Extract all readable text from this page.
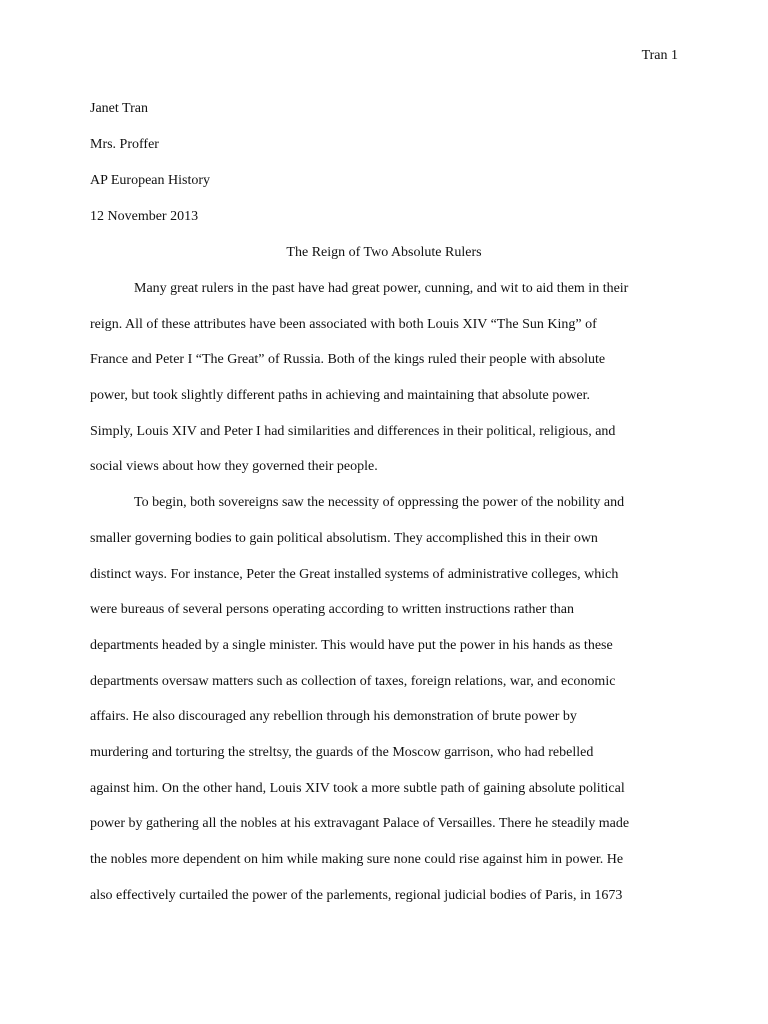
Tran 1

Janet Tran

Mrs. Proffer

AP European History

12 November 2013

The Reign of Two Absolute Rulers

Many great rulers in the past have had great power, cunning, and wit to aid them in their
reign. All of these attributes have been associated with both Louis XIV “The Sun King” of
France and Peter I “The Great” of Russia. Both of the kings ruled their people with absolute
power, but took slightly different paths in achieving and maintaining that absolute power.
Simply, Louis XIV and Peter I had similarities and differences in their political, religious, and
social views about how they governed their people.
To begin, both sovereigns saw the necessity of oppressing the power of the nobility and
smaller governing bodies to gain political absolutism. They accomplished this in their own
distinct ways. For instance, Peter the Great installed systems of administrative colleges, which
were bureaus of several persons operating according to written instructions rather than
departments headed by a single minister. This would have put the power in his hands as these
departments oversaw matters such as collection of taxes, foreign relations, war, and economic
affairs. He also discouraged any rebellion through his demonstration of brute power by
murdering and torturing the streltsy, the guards of the Moscow garrison, who had rebelled
against him. On the other hand, Louis XIV took a more subtle path of gaining absolute political
power by gathering all the nobles at his extravagant Palace of Versailles. There he steadily made
the nobles more dependent on him while making sure none could rise against him in power. He
also effectively curtailed the power of the parlements, regional judicial bodies of Paris, in 1673
